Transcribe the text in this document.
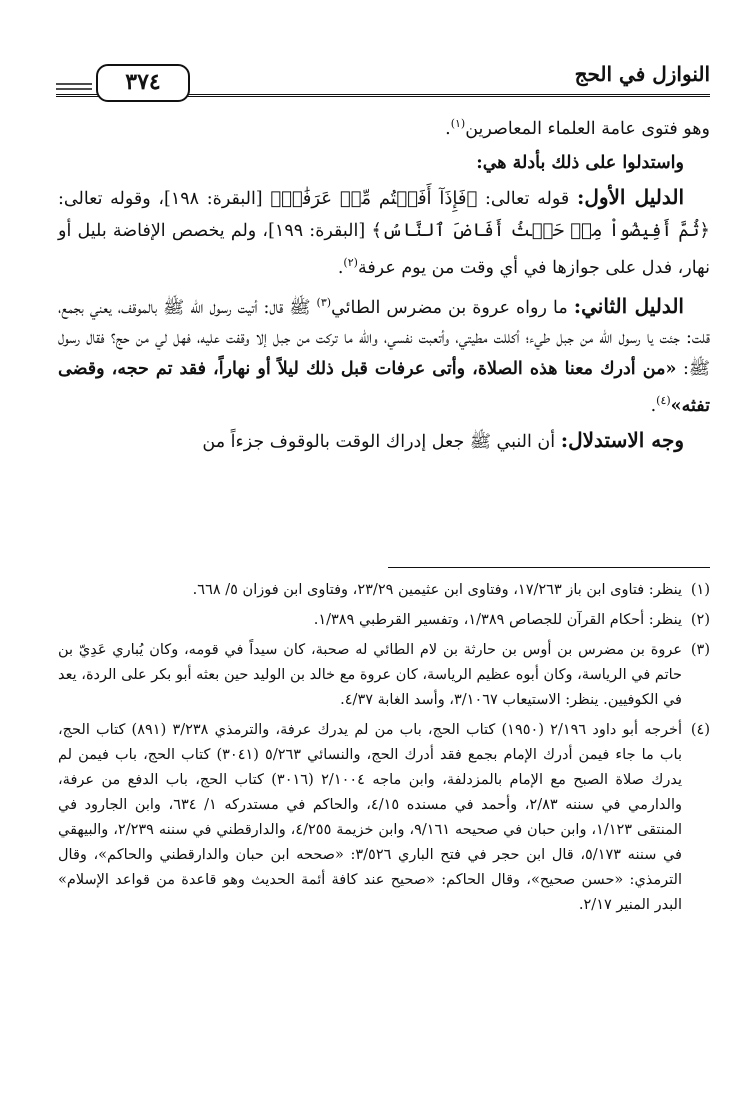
٣٧٤	النوازل في الحج

وهو فتوى عامة العلماء المعاصرين$^{(١)}$.

واستدلوا على ذلك بأدلة هي:

الدليل الأول: قوله تعالى: ﴿فَإِذَآ أَفَضۡتُم مِّنۡ عَرَفَٰتٖ﴾ [البقرة: ١٩٨]، وقوله تعالى: ﴿ثُمَّ أَفِيضُواْ مِنۡ حَيۡثُ أَفَاضَ ٱلنَّاسُ﴾ [البقرة: ١٩٩]، ولم يخصص الإفاضة بليل أو نهار، فدل على جوازها في أي وقت من يوم عرفة$^{(٢)}$.

الدليل الثاني: ما رواه عروة بن مضرس الطائي$^{(٣)}$ ﷺ قال: أتيت رسول الله ﷺ بالموقف، يعني بجمع، قلت: جئت يا رسول الله من جبل طيء؛ أكللت مطيتي، وأتعبت نفسي، والله ما تركت من جبل إلا وقفت عليه، فهل لي من حج؟ فقال رسول ﷺ: «من أدرك معنا هذه الصلاة، وأتى عرفات قبل ذلك ليلاً أو نهاراً، فقد تم حجه، وقضى تفثه»$^{(٤)}$.

وجه الاستدلال: أن النبي ﷺ جعل إدراك الوقت بالوقوف جزءاً من

(١)
ينظر: فتاوى ابن باز ١٧/٢٦٣، وفتاوى ابن عثيمين ٢٣/٢٩، وفتاوى ابن فوزان ٥/ ٦٦٨.
(٢)
ينظر: أحكام القرآن للجصاص ١/٣٨٩، وتفسير القرطبي ١/٣٨٩.
(٣)
عروة بن مضرس بن أوس بن حارثة بن لام الطائي له صحبة، كان سيداً في قومه، وكان يُباري عَدِيّ بن حاتم في الرياسة، وكان أبوه عظيم الرياسة، كان عروة مع خالد بن الوليد حين بعثه أبو بكر على الردة، يعد في الكوفيين. ينظر: الاستيعاب ٣/١٠٦٧، وأسد الغابة ٤/٣٧.
(٤)
أخرجه أبو داود ٢/١٩٦ (١٩٥٠) كتاب الحج، باب من لم يدرك عرفة، والترمذي ٣/٢٣٨ (٨٩١) كتاب الحج، باب ما جاء فيمن أدرك الإمام بجمع فقد أدرك الحج، والنسائي ٥/٢٦٣ (٣٠٤١) كتاب الحج، باب فيمن لم يدرك صلاة الصبح مع الإمام بالمزدلفة، وابن ماجه ٢/١٠٠٤ (٣٠١٦) كتاب الحج، باب الدفع من عرفة، والدارمي في سننه ٢/٨٣، وأحمد في مسنده ٤/١٥، والحاكم في مستدركه ١/ ٦٣٤، وابن الجارود في المنتقى ١/١٢٣، وابن حبان في صحيحه ٩/١٦١، وابن خزيمة ٤/٢٥٥، والدارقطني في سننه ٢/٢٣٩، والبيهقي في سننه ٥/١٧٣، قال ابن حجر في فتح الباري ٣/٥٢٦: «صححه ابن حبان والدارقطني والحاكم»، وقال الترمذي: «حسن صحيح»، وقال الحاكم: «صحيح عند كافة أئمة الحديث وهو قاعدة من قواعد الإسلام» البدر المنير ٢/١٧.
